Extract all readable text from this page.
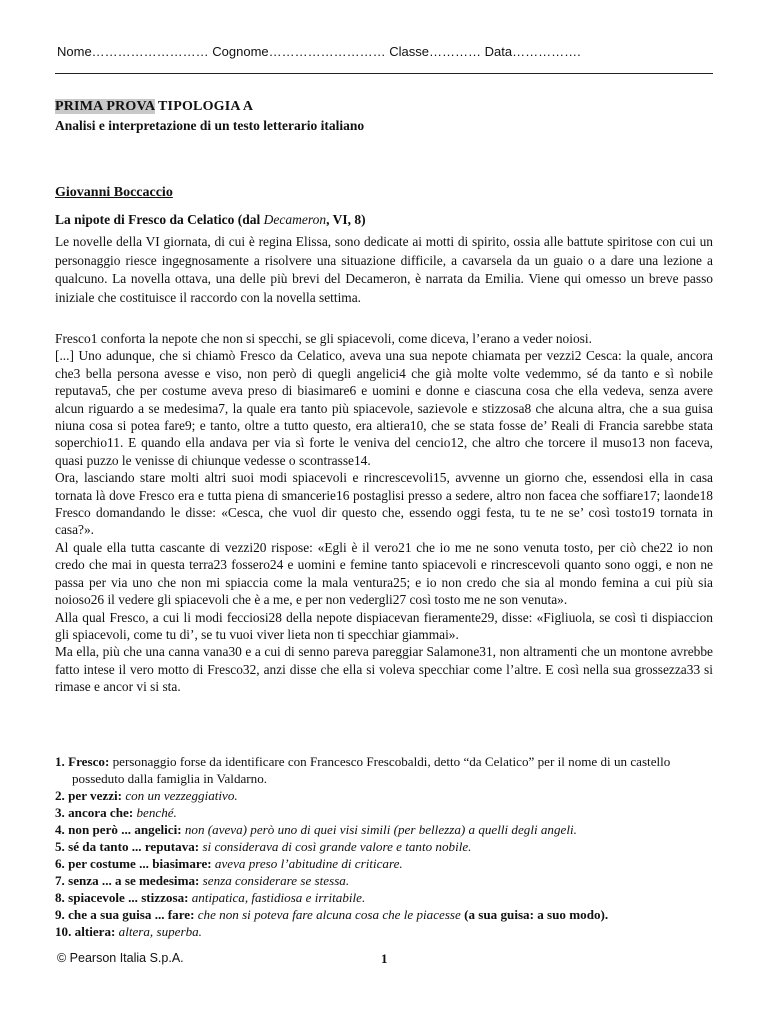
Nome……………………… Cognome……………………… Classe………… Data…………….
PRIMA PROVA TIPOLOGIA A
Analisi e interpretazione di un testo letterario italiano
Giovanni Boccaccio
La nipote di Fresco da Celatico (dal Decameron, VI, 8)

Le novelle della VI giornata, di cui è regina Elissa, sono dedicate ai motti di spirito, ossia alle battute spiritose con cui un personaggio riesce ingegnosamente a risolvere una situazione difficile, a cavarsela da un guaio o a dare una lezione a qualcuno. La novella ottava, una delle più brevi del Decameron, è narrata da Emilia. Viene qui omesso un breve passo iniziale che costituisce il raccordo con la novella settima.

Fresco1 conforta la nepote che non si specchi, se gli spiacevoli, come diceva, l’erano a veder noiosi.

[...] Uno adunque, che si chiamò Fresco da Celatico, aveva una sua nepote chiamata per vezzi2 Cesca: la quale, ancora che3 bella persona avesse e viso, non però di quegli angelici4 che già molte volte vedemmo, sé da tanto e sì nobile reputava5, che per costume aveva preso di biasimare6 e uomini e donne e ciascuna cosa che ella vedeva, senza avere alcun riguardo a se medesima7, la quale era tanto più spiacevole, sazievole e stizzosa8 che alcuna altra, che a sua guisa niuna cosa si potea fare9; e tanto, oltre a tutto questo, era altiera10, che se stata fosse de’ Reali di Francia sarebbe stata soperchio11. E quando ella andava per via sì forte le veniva del cencio12, che altro che torcere il muso13 non faceva, quasi puzzo le venisse di chiunque vedesse o scontrasse14.

Ora, lasciando stare molti altri suoi modi spiacevoli e rincrescevoli15, avvenne un giorno che, essendosi ella in casa tornata là dove Fresco era e tutta piena di smancerie16 postaglisi presso a sedere, altro non facea che soffiare17; laonde18 Fresco domandando le disse: «Cesca, che vuol dir questo che, essendo oggi festa, tu te ne se’ così tosto19 tornata in casa?».

Al quale ella tutta cascante di vezzi20 rispose: «Egli è il vero21 che io me ne sono venuta tosto, per ciò che22 io non credo che mai in questa terra23 fossero24 e uomini e femine tanto spiacevoli e rincrescevoli quanto sono oggi, e non ne passa per via uno che non mi spiaccia come la mala ventura25; e io non credo che sia al mondo femina a cui più sia noioso26 il vedere gli spiacevoli che è a me, e per non vedergli27 così tosto me ne son venuta».

Alla qual Fresco, a cui li modi fecciosi28 della nepote dispiacevan fieramente29, disse: «Figliuola, se così ti dispiaccion gli spiacevoli, come tu di’, se tu vuoi viver lieta non ti specchiar giammai».

Ma ella, più che una canna vana30 e a cui di senno pareva pareggiar Salamone31, non altramenti che un montone avrebbe fatto intese il vero motto di Fresco32, anzi disse che ella si voleva specchiar come l’altre. E così nella sua grossezza33 si rimase e ancor vi si sta.

1. Fresco: personaggio forse da identificare con Francesco Frescobaldi, detto “da Celatico” per il nome di un castello posseduto dalla famiglia in Valdarno.
2. per vezzi: con un vezzeggiativo.
3. ancora che: benché.
4. non però ... angelici: non (aveva) però uno di quei visi simili (per bellezza) a quelli degli angeli.
5. sé da tanto ... reputava: si considerava di così grande valore e tanto nobile.
6. per costume ... biasimare: aveva preso l’abitudine di criticare.
7. senza ... a se medesima: senza considerare se stessa.
8. spiacevole ... stizzosa: antipatica, fastidiosa e irritabile.
9. che a sua guisa ... fare: che non si poteva fare alcuna cosa che le piacesse (a sua guisa: a suo modo).
10. altiera: altera, superba.
© Pearson Italia S.p.A.	1
